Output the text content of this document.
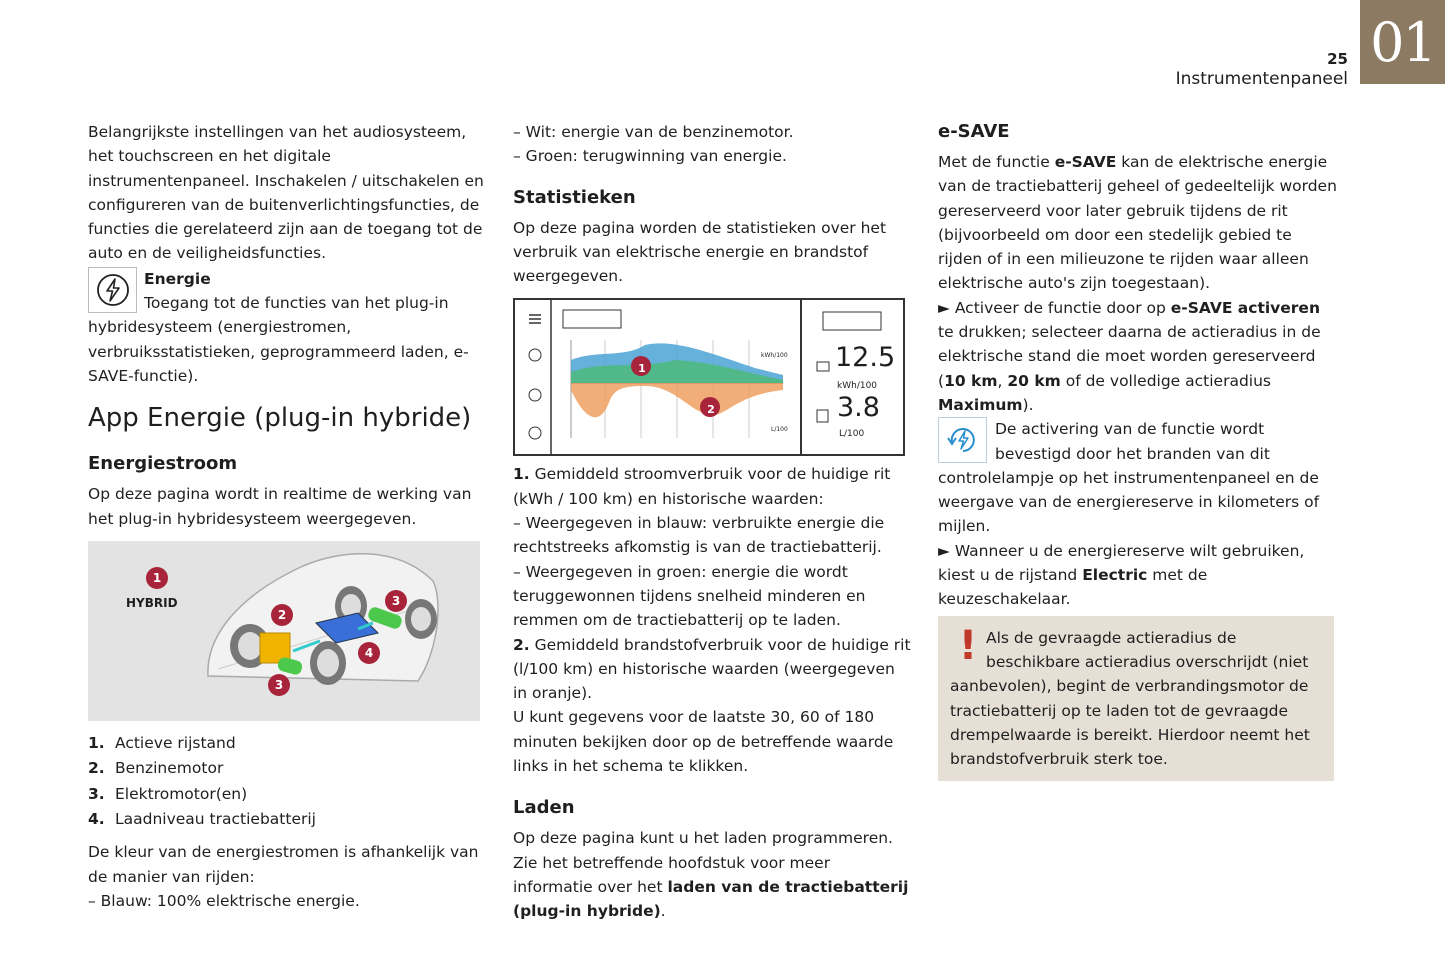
01
25
Instrumentenpaneel

Belangrijkste instellingen van het audiosysteem, het touchscreen en het digitale instrumentenpaneel. Inschakelen / uitschakelen en configureren van de buitenverlichtingsfuncties, de functies die gerelateerd zijn aan de toegang tot de auto en de veiligheidsfuncties.

Energie

Toegang tot de functies van het plug-in hybridesysteem (energiestromen, verbruiksstatistieken, geprogrammeerd laden, e-SAVE-functie).

App Energie (plug-in hybride)
Energiestroom

Op deze pagina wordt in realtime de werking van het plug-in hybridesysteem weergegeven.

1
HYBRID
2
3
3
4
1. Actieve rijstand
2. Benzinemotor
3. Elektromotor(en)
4. Laadniveau tractiebatterij

De kleur van de energiestromen is afhankelijk van de manier van rijden:

– Blauw: 100% elektrische energie.

– Wit: energie van de benzinemotor.

– Groen: terugwinning van energie.

Statistieken

Op deze pagina worden de statistieken over het verbruik van elektrische energie en brandstof weergegeven.

1
2
kWh/100
L/100
12.5
kWh/100
3.8
L/100

1. Gemiddeld stroomverbruik voor de huidige rit (kWh / 100 km) en historische waarden:

– Weergegeven in blauw: verbruikte energie die rechtstreeks afkomstig is van de tractiebatterij.

– Weergegeven in groen: energie die wordt teruggewonnen tijdens snelheid minderen en remmen om de tractiebatterij op te laden.

2. Gemiddeld brandstofverbruik voor de huidige rit (l/100 km) en historische waarden (weergegeven in oranje).

U kunt gegevens voor de laatste 30, 60 of 180 minuten bekijken door op de betreffende waarde links in het schema te klikken.

Laden

Op deze pagina kunt u het laden programmeren.

Zie het betreffende hoofdstuk voor meer informatie over het laden van de tractiebatterij (plug-in hybride).

e-SAVE

Met de functie e-SAVE kan de elektrische energie van de tractiebatterij geheel of gedeeltelijk worden gereserveerd voor later gebruik tijdens de rit (bijvoorbeeld om door een stedelijk gebied te rijden of in een milieuzone te rijden waar alleen elektrische auto's zijn toegestaan).

► Activeer de functie door op e-SAVE activeren te drukken; selecteer daarna de actieradius in de elektrische stand die moet worden gereserveerd (10 km, 20 km of de volledige actieradius Maximum).

De activering van de functie wordt bevestigd door het branden van dit controlelampje op het instrumentenpaneel en de weergave van de energiereserve in kilometers of mijlen.

► Wanneer u de energiereserve wilt gebruiken, kiest u de rijstand Electric met de keuzeschakelaar.

! Als de gevraagde actieradius de beschikbare actieradius overschrijdt (niet aanbevolen), begint de verbrandingsmotor de tractiebatterij op te laden tot de gevraagde drempelwaarde is bereikt. Hierdoor neemt het brandstofverbruik sterk toe.
